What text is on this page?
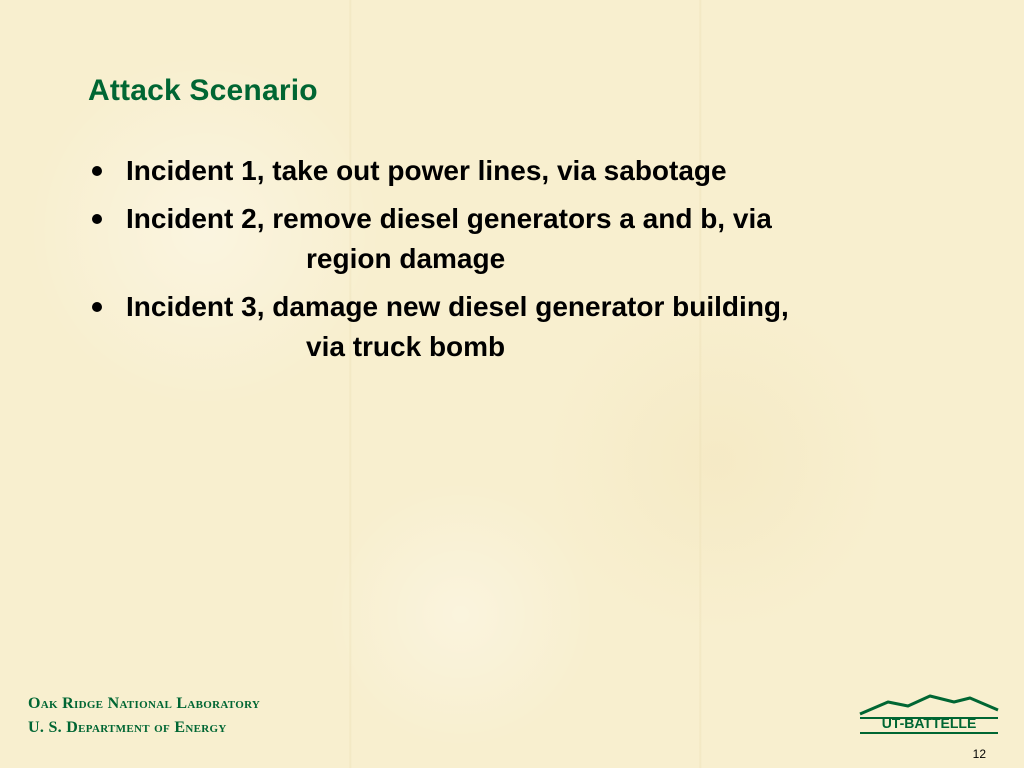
Attack Scenario
Incident 1, take out power lines, via sabotage
Incident 2, remove diesel generators a and b, via
region damage
Incident 3, damage new diesel generator building,
via truck bomb
Oak Ridge National Laboratory
U. S. Department of Energy	UT-BATTELLE
12
